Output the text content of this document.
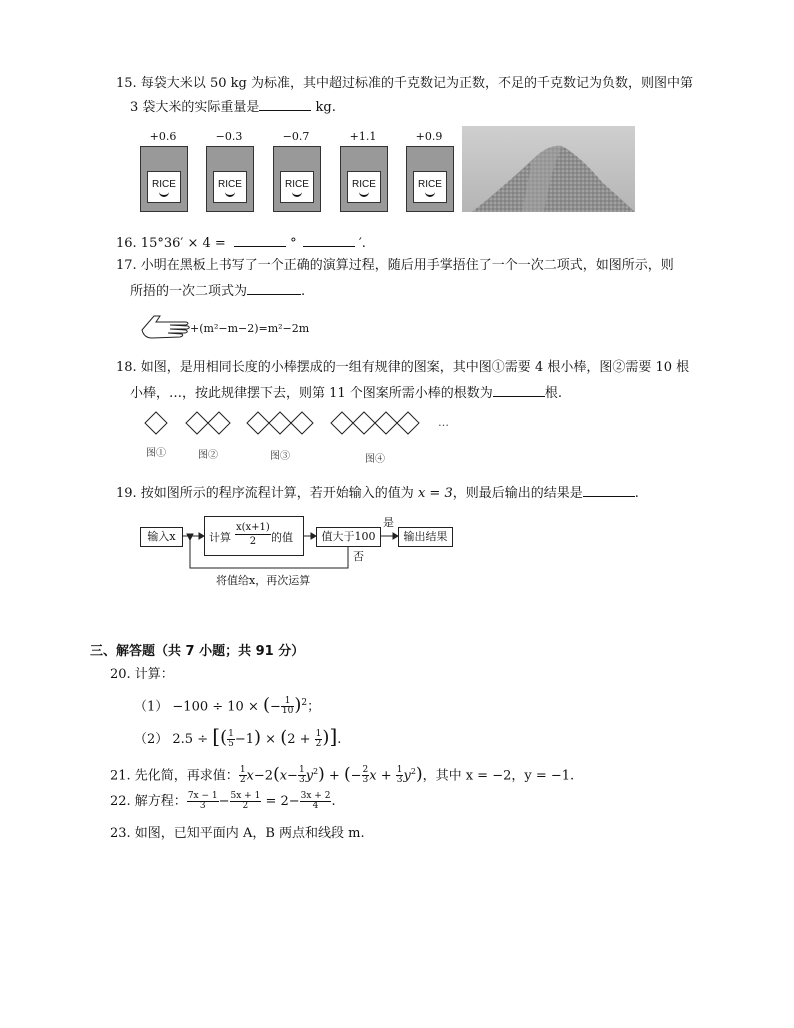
15. 每袋大米以 50 kg 为标准，其中超过标准的千克数记为正数，不足的千克数记为负数，则图中第
3 袋大米的实际重量是	kg.
+0.6
RICE
−0.3
RICE
−0.7
RICE
+1.1
RICE
+0.9
RICE
16. 15°36′ × 4 =	°	′.
17. 小明在黑板上书写了一个正确的演算过程，随后用手掌捂住了一个一次二项式，如图所示，则
所捂的一次二项式为	.
+(m²−m−2)=m²−2m
18. 如图，是用相同长度的小棒摆成的一组有规律的图案，其中图①需要 4 根小棒，图②需要 10 根
小棒，…，按此规律摆下去，则第 11 个图案所需小棒的根数为	根.
图①	图②	图③	图④
…
19. 按如图所示的程序流程计算，若开始输入的值为 x = 3，则最后输出的结果是	.
输入x	计算
x(x+1)
2	的值	值大于100	输出结果
是
否
将值给x，再次运算
三、解答题（共 7 小题；共 91 分）
20. 计算：
（1） −100 ÷ 10 × (− $\frac{1}{10} )^2$；
（2） 2.5 ÷ [( $\frac{1}{5} -1) \times (2 + \frac{1}{2}$ )].
21. 先化简，再求值： $\frac{1}{2} x-2(x- \frac{1}{3} y^2)$ + (− $\frac{2}{3}$ $x + \frac{1}{3} y^2$)，其中 x = −2，y = −1.
22. 解方程： $\frac{7x - 1}{3} - \frac{5x + 1}{2} = 2- \frac{3x + 2}{4}$ .
23. 如图，已知平面内 A，B 两点和线段 m.
